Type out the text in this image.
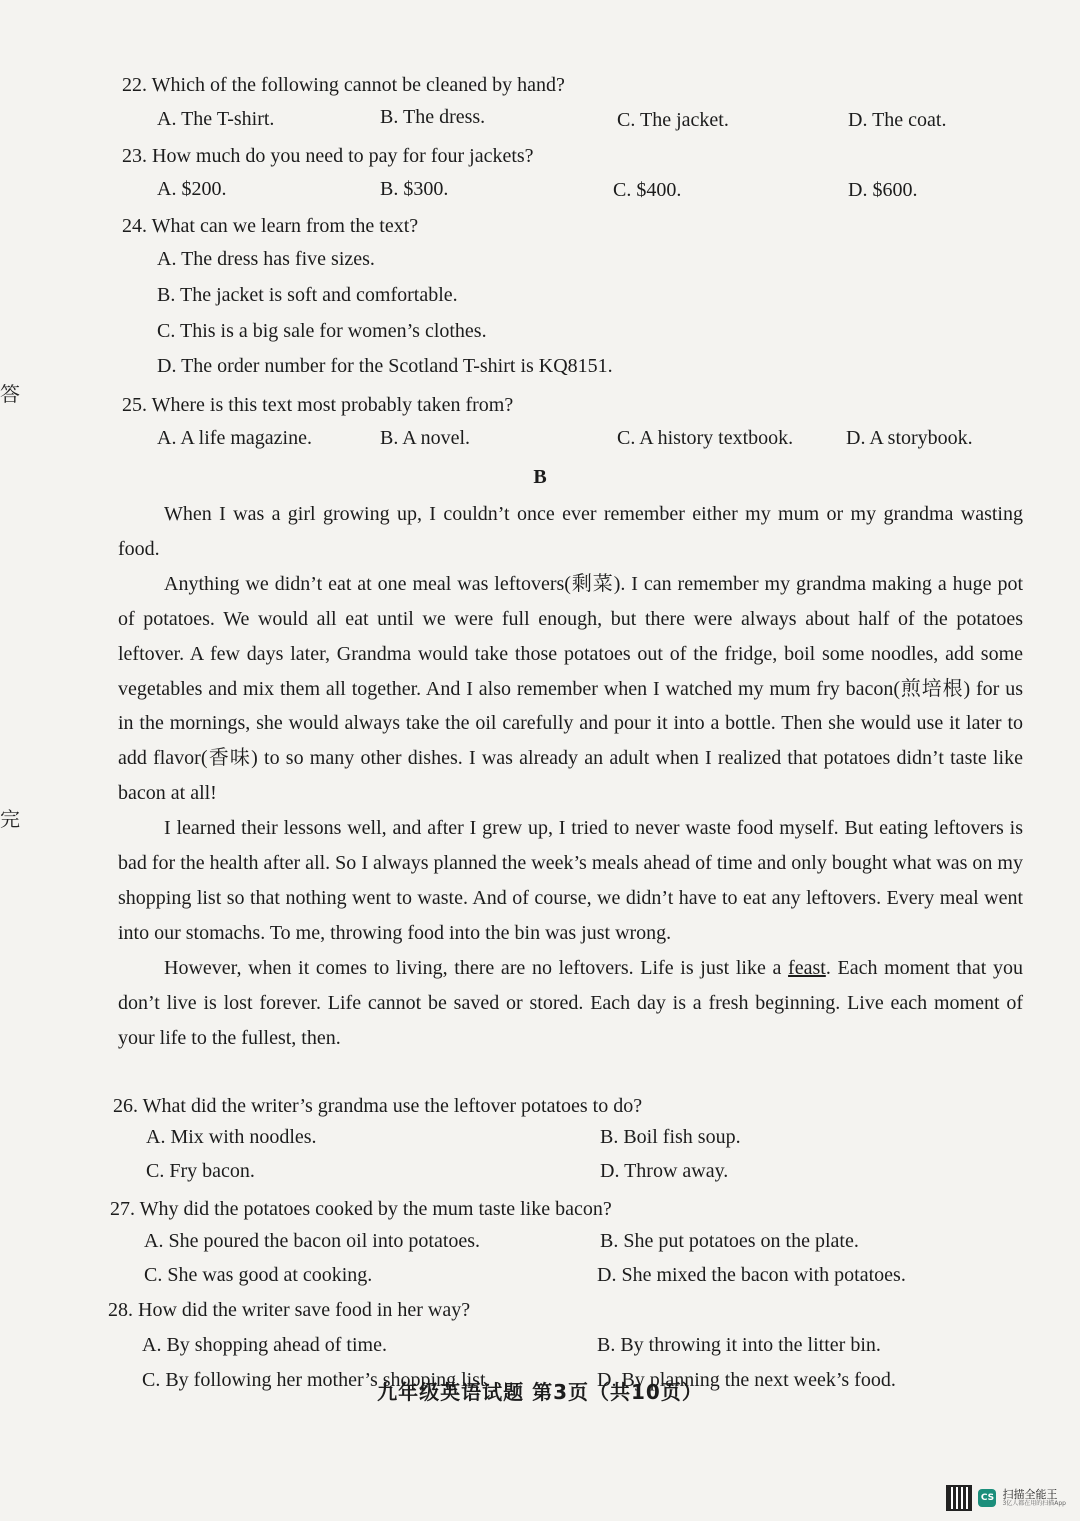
答
完
22. Which of the following cannot be cleaned by hand?
A. The T-shirt.	B. The dress.	C. The jacket.	D. The coat.
23. How much do you need to pay for four jackets?
A. $200.	B. $300.	C. $400.	D. $600.
24. What can we learn from the text?
A. The dress has five sizes.
B. The jacket is soft and comfortable.
C. This is a big sale for women’s clothes.
D. The order number for the Scotland T-shirt is KQ8151.
25. Where is this text most probably taken from?
A. A life magazine.	B. A novel.	C. A history textbook.	D. A storybook.
B

When I was a girl growing up, I couldn’t once ever remember either my mum or my grandma wasting food.

Anything we didn’t eat at one meal was leftovers(剩菜). I can remember my grandma making a huge pot of potatoes. We would all eat until we were full enough, but there were always about half of the potatoes leftover. A few days later, Grandma would take those potatoes out of the fridge, boil some noodles, add some vegetables and mix them all together. And I also remember when I watched my mum fry bacon(煎培根) for us in the mornings, she would always take the oil carefully and pour it into a bottle. Then she would use it later to add flavor(香味) to so many other dishes. I was already an adult when I realized that potatoes didn’t taste like bacon at all!

I learned their lessons well, and after I grew up, I tried to never waste food myself. But eating leftovers is bad for the health after all. So I always planned the week’s meals ahead of time and only bought what was on my shopping list so that nothing went to waste. And of course, we didn’t have to eat any leftovers. Every meal went into our stomachs. To me, throwing food into the bin was just wrong.

However, when it comes to living, there are no leftovers. Life is just like a feast. Each moment that you don’t live is lost forever. Life cannot be saved or stored. Each day is a fresh beginning. Live each moment of your life to the fullest, then.

26. What did the writer’s grandma use the leftover potatoes to do?
A. Mix with noodles.	B. Boil fish soup.
C. Fry bacon.	D. Throw away.
27. Why did the potatoes cooked by the mum taste like bacon?
A. She poured the bacon oil into potatoes.	B. She put potatoes on the plate.
C. She was good at cooking.	D. She mixed the bacon with potatoes.
28. How did the writer save food in her way?
A. By shopping ahead of time.	B. By throwing it into the litter bin.
C. By following her mother’s shopping list.	D. By planning the next week’s food.
九年级英语试题 第3页（共10页）
CS 扫描全能王
3亿人都在用的扫描App
